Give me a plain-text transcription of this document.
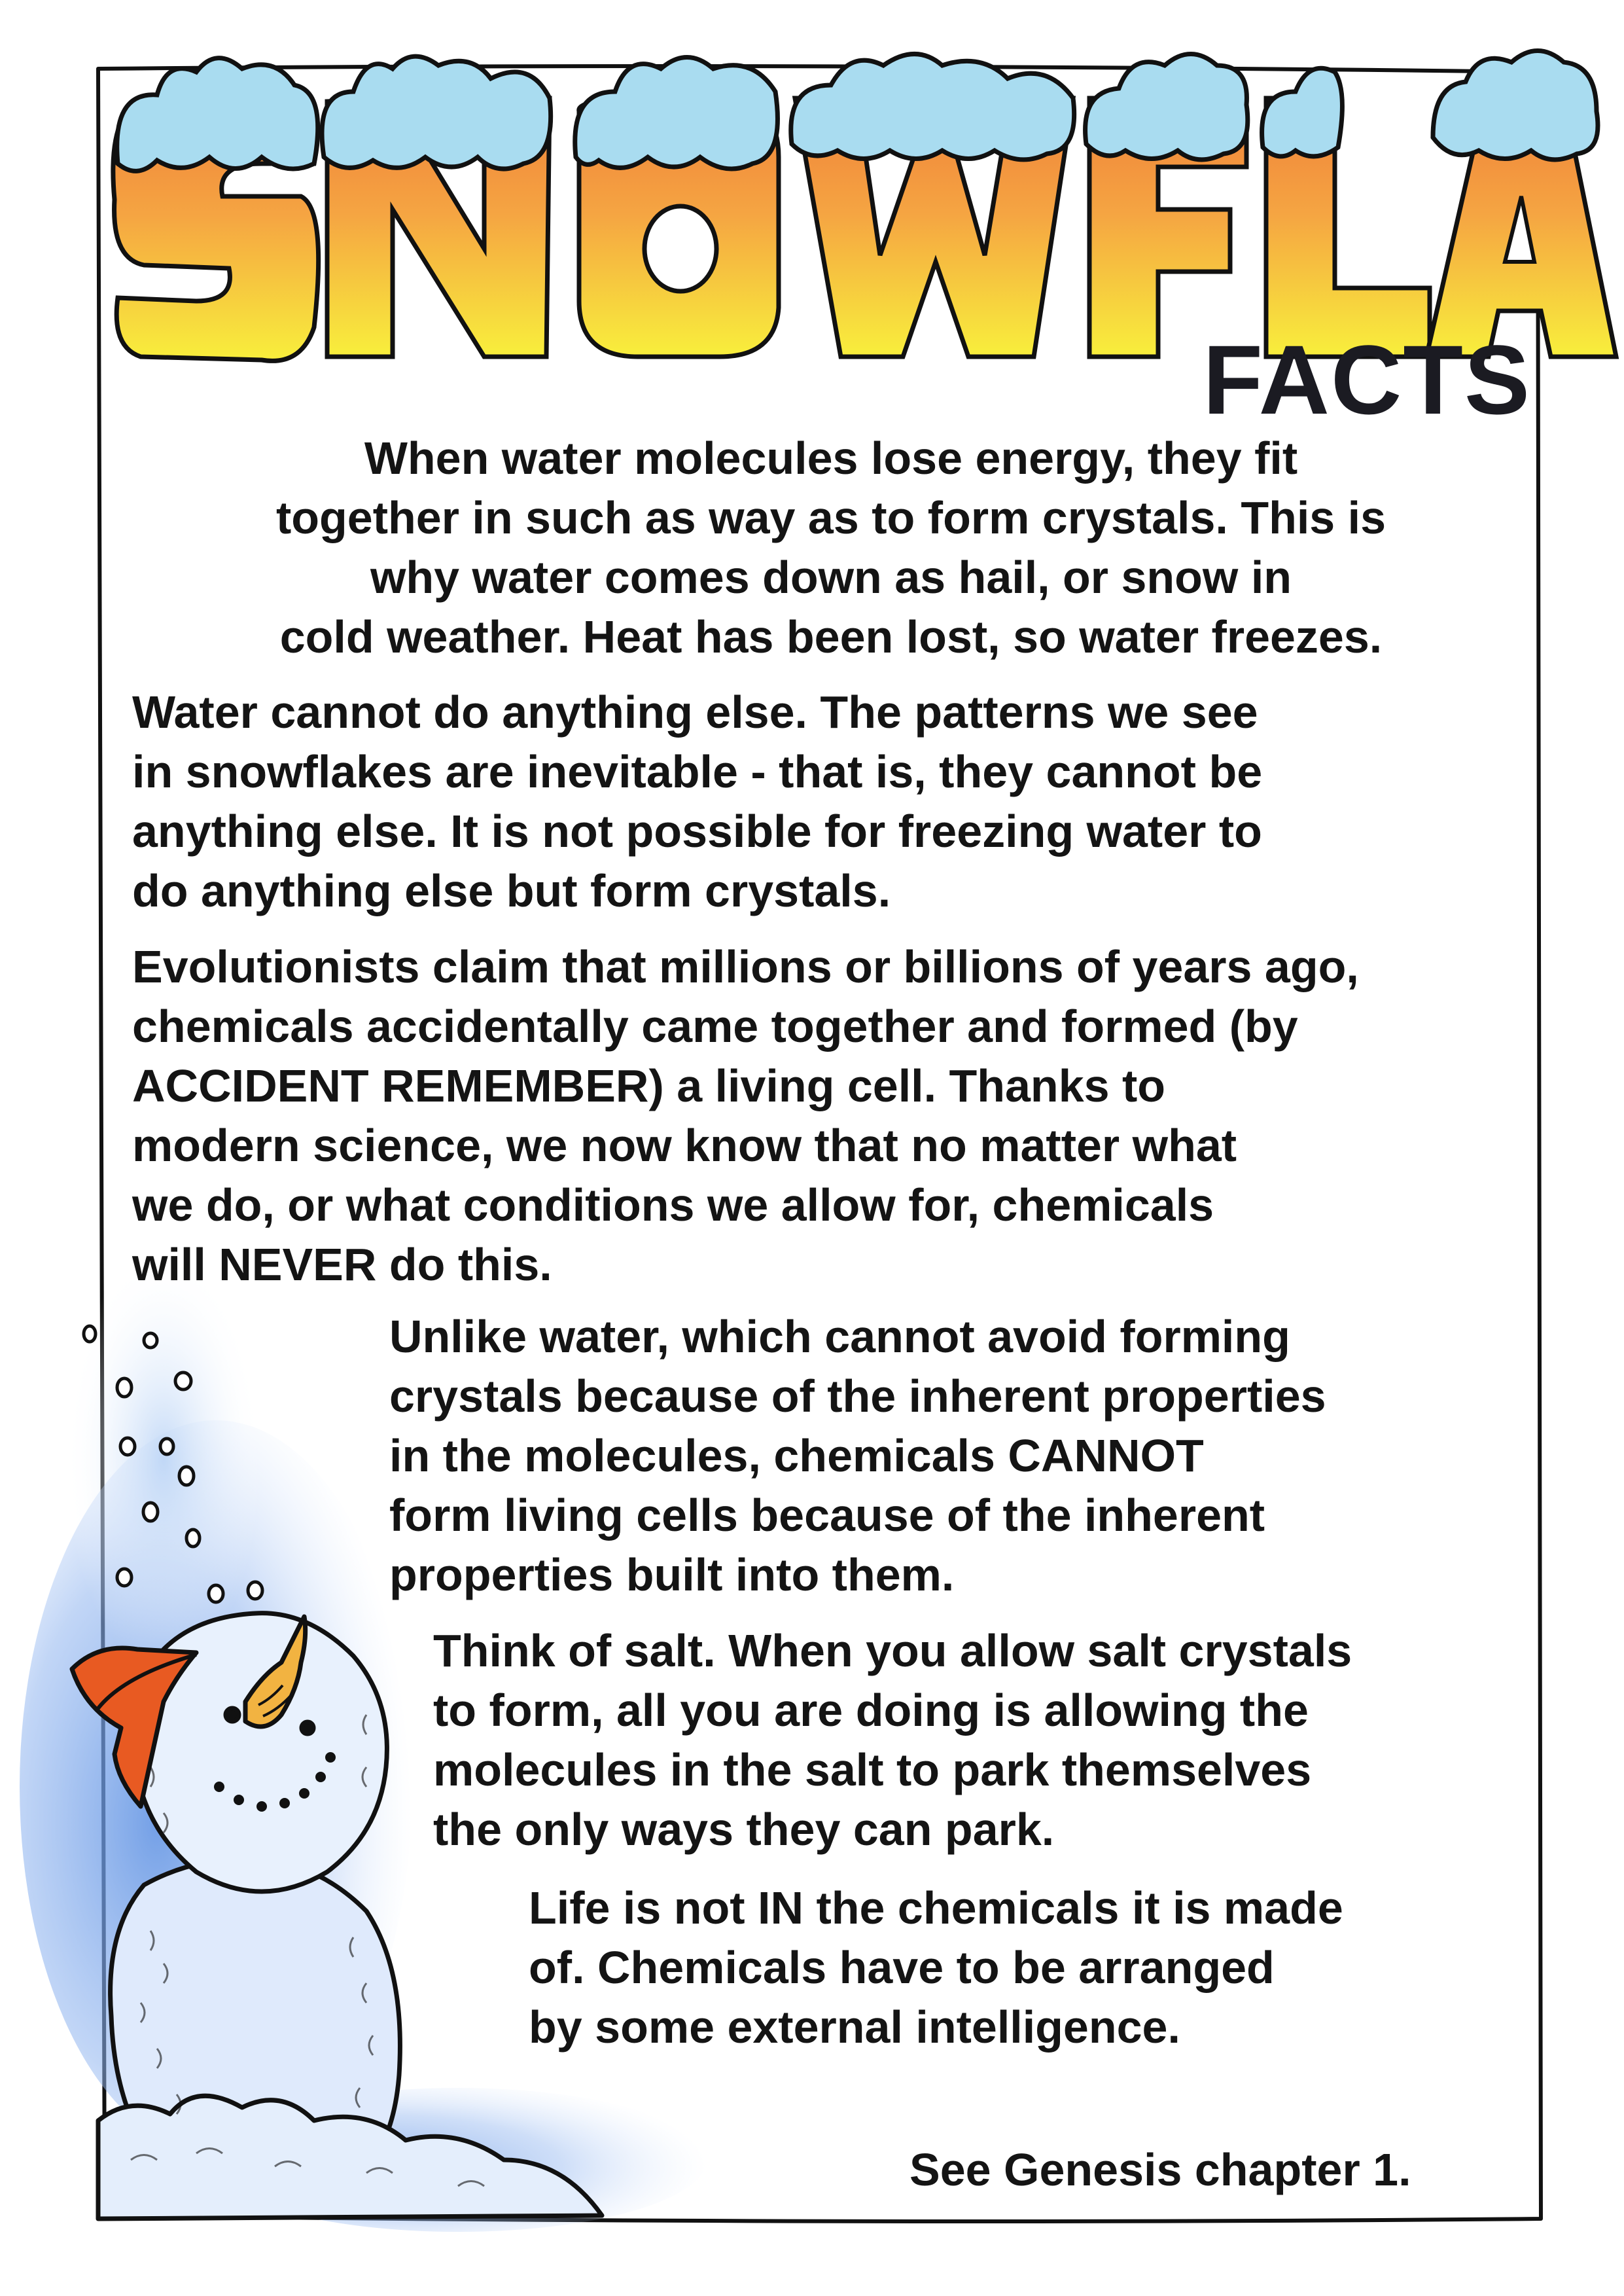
FACTS
When water molecules lose energy, they fit
together in such as way as to form crystals. This is
why water comes down as hail, or snow in
cold weather. Heat has been lost, so water freezes.
Water cannot do anything else. The patterns we see
in snowflakes are inevitable - that is, they cannot be
anything else. It is not possible for freezing water to
do anything else but form crystals.
Evolutionists claim that millions or billions of years ago,
chemicals accidentally came together and formed (by
ACCIDENT REMEMBER) a living cell. Thanks to
modern science, we now know that no matter what
we do, or what conditions we allow for, chemicals
will NEVER do this.
Unlike water, which cannot avoid forming
crystals because of the inherent properties
in the molecules, chemicals CANNOT
form living cells because of the inherent
properties built into them.
Think of salt. When you allow salt crystals
to form, all you are doing is allowing the
molecules in the salt to park themselves
the only ways they can park.
Life is not IN the chemicals it is made
of. Chemicals have to be arranged
by some external intelligence.
See Genesis chapter 1.
